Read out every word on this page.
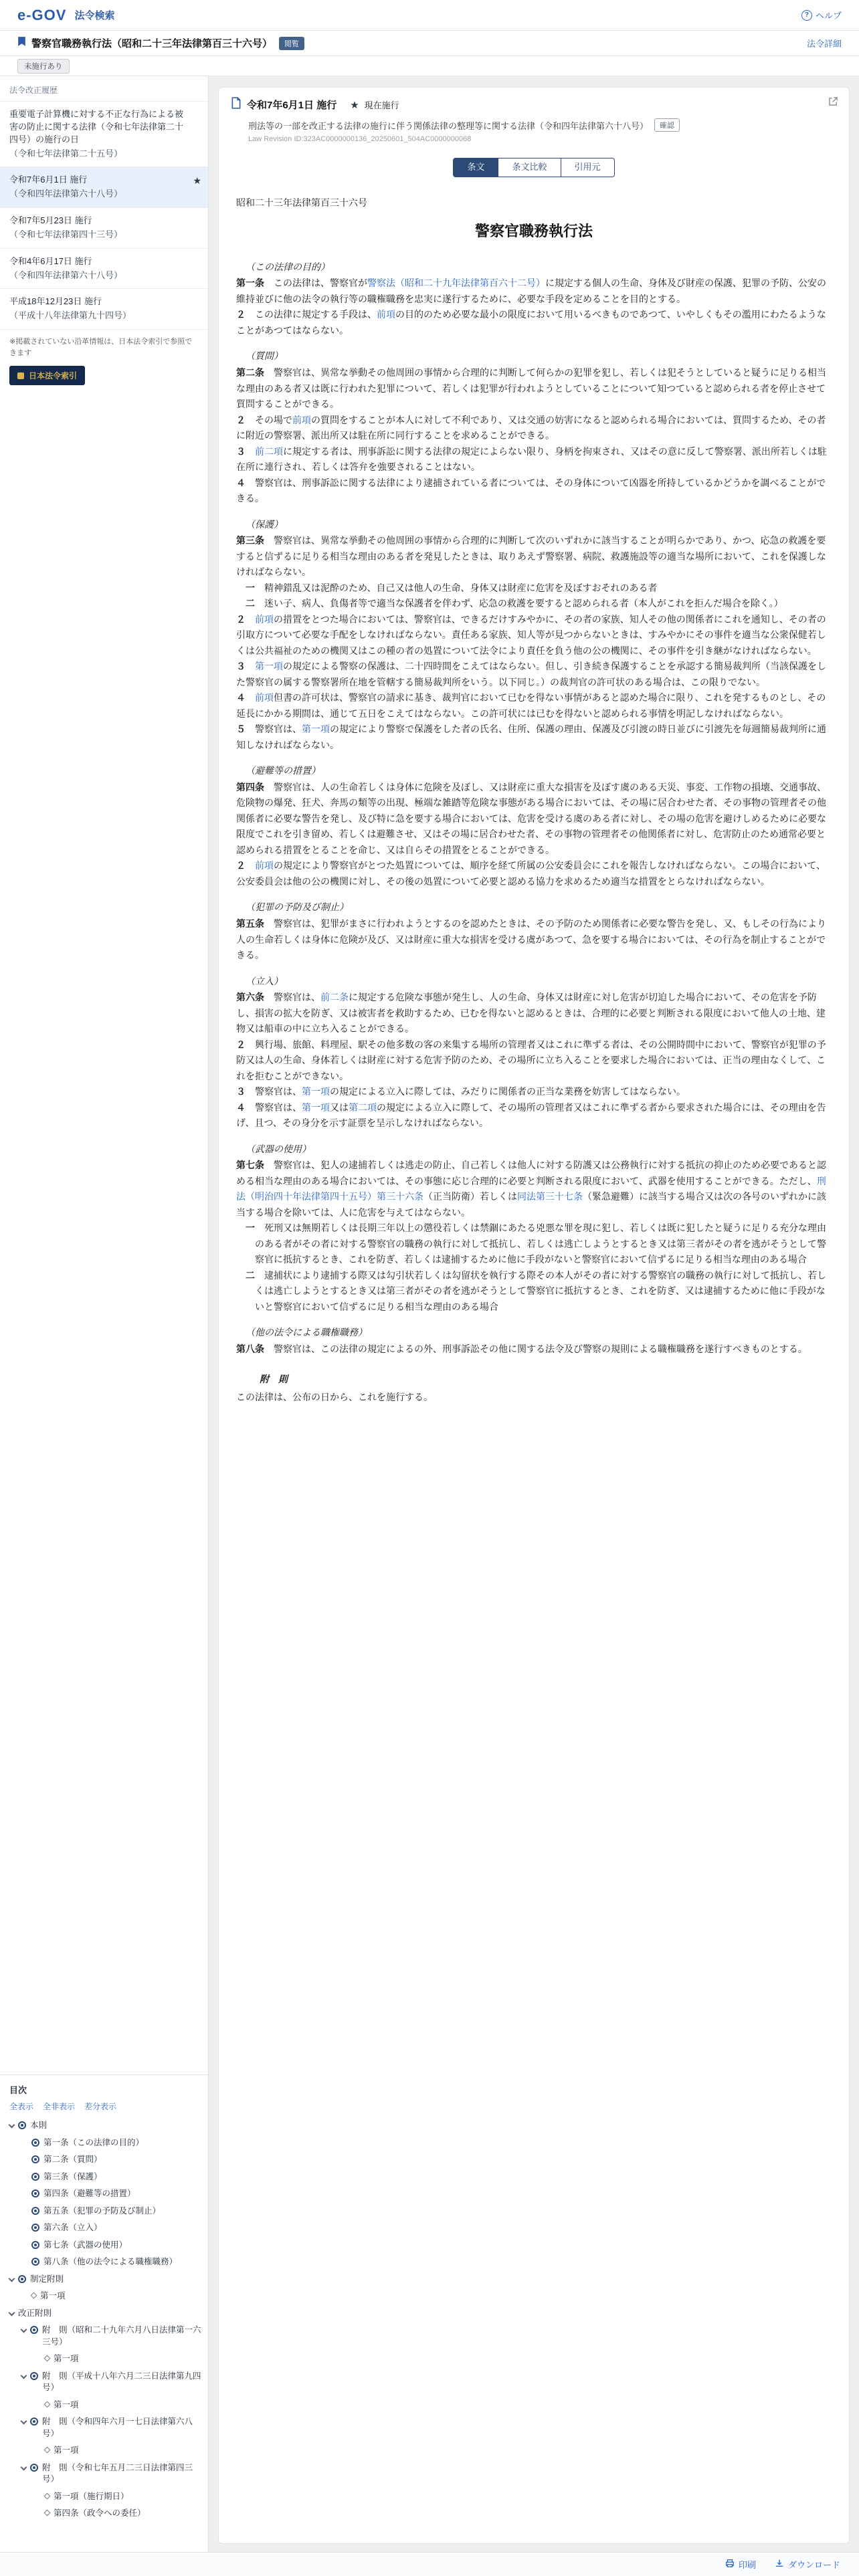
e-GOV 法令検索	? ヘルプ
警察官職務執行法（昭和二十三年法律第百三十六号）	閲覧	法令詳細
未施行あり
法令改正履歴
重要電子計算機に対する不正な行為による被害の防止に関する法律（令和七年法律第二十四号）の施行の日
（令和七年法律第二十五号）
令和7年6月1日 施行
（令和四年法律第六十八号）
★
令和7年5月23日 施行
（令和七年法律第四十三号）
令和4年6月17日 施行
（令和四年法律第六十八号）
平成18年12月23日 施行
（平成十八年法律第九十四号）
※掲載されていない沿革情報は、日本法令索引で参照できます
日本法令索引
目次
全表示 全非表示 差分表示
本則
第一条（この法律の目的）
第二条（質問）
第三条（保護）
第四条（避難等の措置）
第五条（犯罪の予防及び制止）
第六条（立入）
第七条（武器の使用）
第八条（他の法令による職権職務）
制定附則
第一項
改正附則
附　則（昭和二十九年六月八日法律第一六三号）
第一項
附　則（平成十八年六月二三日法律第九四号）
第一項
附　則（令和四年六月一七日法律第六八号）
第一項
附　則（令和七年五月二三日法律第四三号）
第一項（施行期日）
第四条（政令への委任）
令和7年6月1日 施行 ★ 現在施行
刑法等の一部を改正する法律の施行に伴う関係法律の整理等に関する法律（令和四年法律第六十八号）	確認
Law Revision ID:323AC0000000136_20250601_504AC0000000068
条文	条文比較	引用元
昭和二十三年法律第百三十六号
警察官職務執行法
（この法律の目的）
第一条　この法律は、警察官が警察法（昭和二十九年法律第百六十二号）に規定する個人の生命、身体及び財産の保護、犯罪の予防、公安の維持並びに他の法令の執行等の職権職務を忠実に遂行するために、必要な手段を定めることを目的とする。
２　この法律に規定する手段は、前項の目的のため必要な最小の限度において用いるべきものであつて、いやしくもその濫用にわたるようなことがあつてはならない。
（質問）
第二条　警察官は、異常な挙動その他周囲の事情から合理的に判断して何らかの犯罪を犯し、若しくは犯そうとしていると疑うに足りる相当な理由のある者又は既に行われた犯罪について、若しくは犯罪が行われようとしていることについて知つていると認められる者を停止させて質問することができる。
２　その場で前項の質問をすることが本人に対して不利であり、又は交通の妨害になると認められる場合においては、質問するため、その者に附近の警察署、派出所又は駐在所に同行することを求めることができる。
３　 前二項に規定する者は、刑事訴訟に関する法律の規定によらない限り、身柄を拘束され、又はその意に反して警察署、派出所若しくは駐在所に連行され、若しくは答弁を強要されることはない。
４　警察官は、刑事訴訟に関する法律により逮捕されている者については、その身体について凶器を所持しているかどうかを調べることができる。
（保護）
第三条　警察官は、異常な挙動その他周囲の事情から合理的に判断して次のいずれかに該当することが明らかであり、かつ、応急の救護を要すると信ずるに足りる相当な理由のある者を発見したときは、取りあえず警察署、病院、救護施設等の適当な場所において、これを保護しなければならない。
一　精神錯乱又は泥酔のため、自己又は他人の生命、身体又は財産に危害を及ぼすおそれのある者
二　迷い子、病人、負傷者等で適当な保護者を伴わず、応急の救護を要すると認められる者（本人がこれを拒んだ場合を除く。）
２　 前項の措置をとつた場合においては、警察官は、できるだけすみやかに、その者の家族、知人その他の関係者にこれを通知し、その者の引取方について必要な手配をしなければならない。責任ある家族、知人等が見つからないときは、すみやかにその事件を適当な公衆保健若しくは公共福祉のための機関又はこの種の者の処置について法令により責任を負う他の公の機関に、その事件を引き継がなければならない。
３　 第一項の規定による警察の保護は、二十四時間をこえてはならない。但し、引き続き保護することを承認する簡易裁判所（当該保護をした警察官の属する警察署所在地を管轄する簡易裁判所をいう。以下同じ。）の裁判官の許可状のある場合は、この限りでない。
４　 前項但書の許可状は、警察官の請求に基き、裁判官において已むを得ない事情があると認めた場合に限り、これを発するものとし、その延長にかかる期間は、通じて五日をこえてはならない。この許可状には已むを得ないと認められる事情を明記しなければならない。
５　警察官は、第一項の規定により警察で保護をした者の氏名、住所、保護の理由、保護及び引渡の時日並びに引渡先を毎週簡易裁判所に通知しなければならない。
（避難等の措置）
第四条　警察官は、人の生命若しくは身体に危険を及ぼし、又は財産に重大な損害を及ぼす虞のある天災、事変、工作物の損壊、交通事故、危険物の爆発、狂犬、奔馬の類等の出現、極端な雑踏等危険な事態がある場合においては、その場に居合わせた者、その事物の管理者その他関係者に必要な警告を発し、及び特に急を要する場合においては、危害を受ける虞のある者に対し、その場の危害を避けしめるために必要な限度でこれを引き留め、若しくは避難させ、又はその場に居合わせた者、その事物の管理者その他関係者に対し、危害防止のため通常必要と認められる措置をとることを命じ、又は自らその措置をとることができる。
２　 前項の規定により警察官がとつた処置については、順序を経て所属の公安委員会にこれを報告しなければならない。この場合において、公安委員会は他の公の機関に対し、その後の処置について必要と認める協力を求めるため適当な措置をとらなければならない。
（犯罪の予防及び制止）
第五条　警察官は、犯罪がまさに行われようとするのを認めたときは、その予防のため関係者に必要な警告を発し、又、もしその行為により人の生命若しくは身体に危険が及び、又は財産に重大な損害を受ける虞があつて、急を要する場合においては、その行為を制止することができる。
（立入）
第六条　警察官は、前二条に規定する危険な事態が発生し、人の生命、身体又は財産に対し危害が切迫した場合において、その危害を予防し、損害の拡大を防ぎ、又は被害者を救助するため、已むを得ないと認めるときは、合理的に必要と判断される限度において他人の土地、建物又は船車の中に立ち入ることができる。
２　興行場、旅館、料理屋、駅その他多数の客の来集する場所の管理者又はこれに準ずる者は、その公開時間中において、警察官が犯罪の予防又は人の生命、身体若しくは財産に対する危害予防のため、その場所に立ち入ることを要求した場合においては、正当の理由なくして、これを拒むことができない。
３　警察官は、第一項の規定による立入に際しては、みだりに関係者の正当な業務を妨害してはならない。
４　警察官は、第一項又は第二項の規定による立入に際して、その場所の管理者又はこれに準ずる者から要求された場合には、その理由を告げ、且つ、その身分を示す証票を呈示しなければならない。
（武器の使用）
第七条　警察官は、犯人の逮捕若しくは逃走の防止、自己若しくは他人に対する防護又は公務執行に対する抵抗の抑止のため必要であると認める相当な理由のある場合においては、その事態に応じ合理的に必要と判断される限度において、武器を使用することができる。ただし、刑法（明治四十年法律第四十五号）第三十六条（正当防衛）若しくは同法第三十七条（緊急避難）に該当する場合又は次の各号のいずれかに該当する場合を除いては、人に危害を与えてはならない。
一　死刑又は無期若しくは長期三年以上の懲役若しくは禁錮にあたる兇悪な罪を現に犯し、若しくは既に犯したと疑うに足りる充分な理由のある者がその者に対する警察官の職務の執行に対して抵抗し、若しくは逃亡しようとするとき又は第三者がその者を逃がそうとして警察官に抵抗するとき、これを防ぎ、若しくは逮捕するために他に手段がないと警察官において信ずるに足りる相当な理由のある場合
二　逮捕状により逮捕する際又は勾引状若しくは勾留状を執行する際その本人がその者に対する警察官の職務の執行に対して抵抗し、若しくは逃亡しようとするとき又は第三者がその者を逃がそうとして警察官に抵抗するとき、これを防ぎ、又は逮捕するために他に手段がないと警察官において信ずるに足りる相当な理由のある場合
（他の法令による職権職務）
第八条　警察官は、この法律の規定によるの外、刑事訴訟その他に関する法令及び警察の規則による職権職務を遂行すべきものとする。
附　則
この法律は、公布の日から、これを施行する。
印刷	ダウンロード
